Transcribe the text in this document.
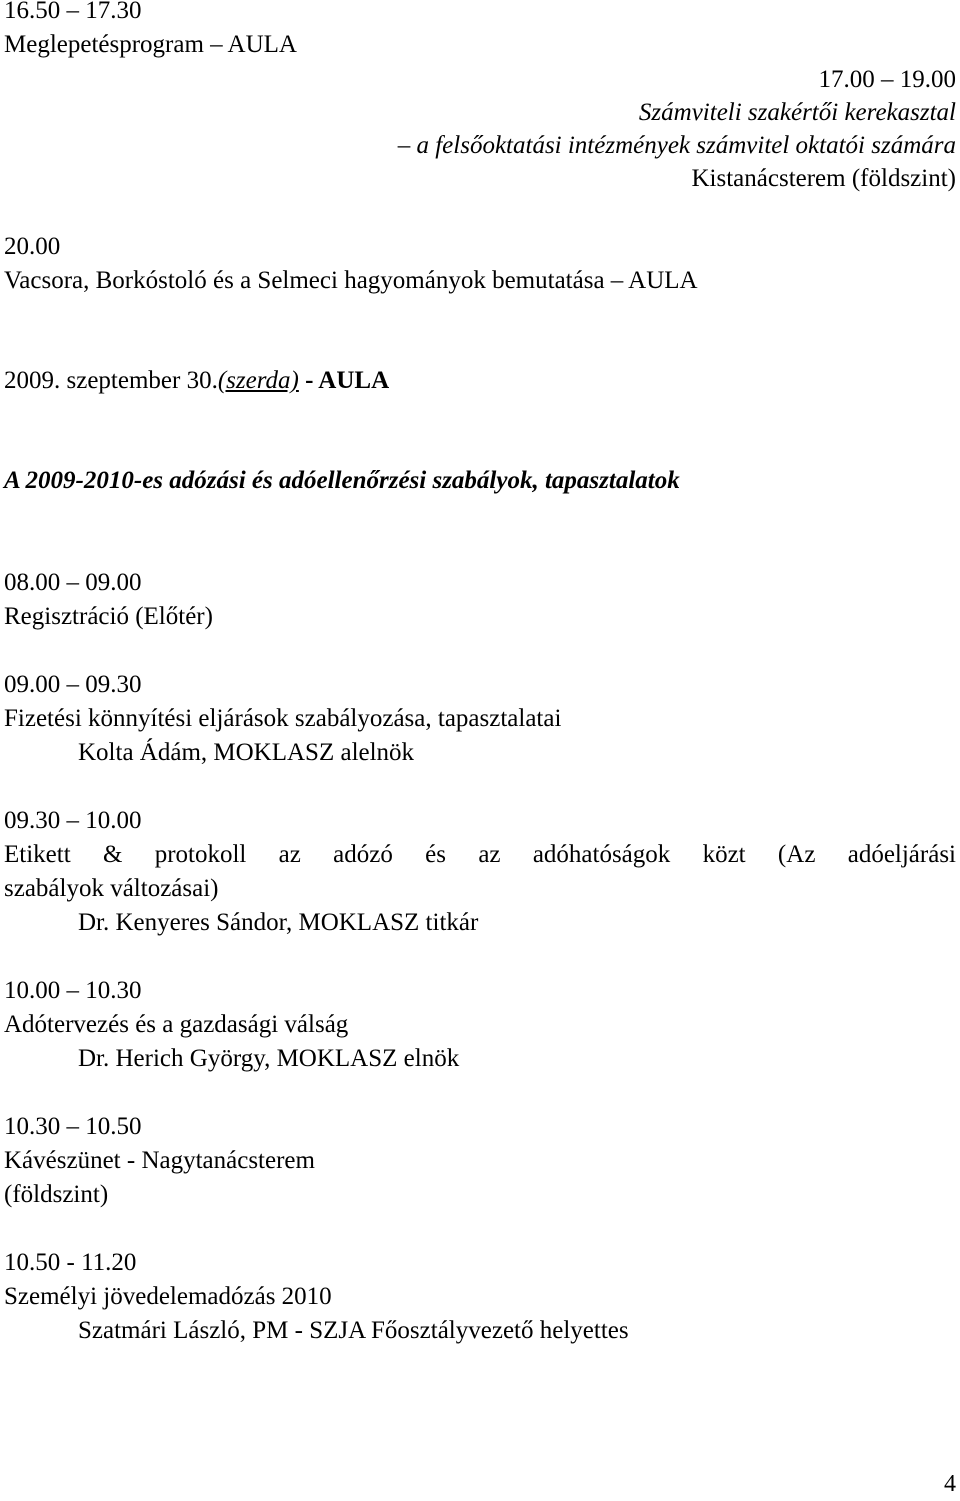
16.50 – 17.30
Meglepetésprogram – AULA
17.00 – 19.00
Számviteli szakértői kerekasztal
– a felsőoktatási intézmények számvitel oktatói számára
Kistanácsterem (földszint)
20.00
Vacsora, Borkóstoló és a Selmeci hagyományok bemutatása – AULA
2009. szeptember 30.(szerda) - AULA
A 2009-2010-es adózási és adóellenőrzési szabályok, tapasztalatok
08.00 – 09.00
Regisztráció (Előtér)
09.00 – 09.30
Fizetési könnyítési eljárások szabályozása, tapasztalatai
Kolta Ádám, MOKLASZ alelnök
09.30 – 10.00
Etikett & protokoll az adózó és az adóhatóságok közt (Az adóeljárási
szabályok változásai)
Dr. Kenyeres Sándor, MOKLASZ titkár
10.00 – 10.30
Adótervezés és a gazdasági válság
Dr. Herich György, MOKLASZ elnök
10.30 – 10.50
Kávészünet - Nagytanácsterem
(földszint)
10.50 - 11.20
Személyi jövedelemadózás 2010
Szatmári László, PM - SZJA Főosztályvezető helyettes
4
